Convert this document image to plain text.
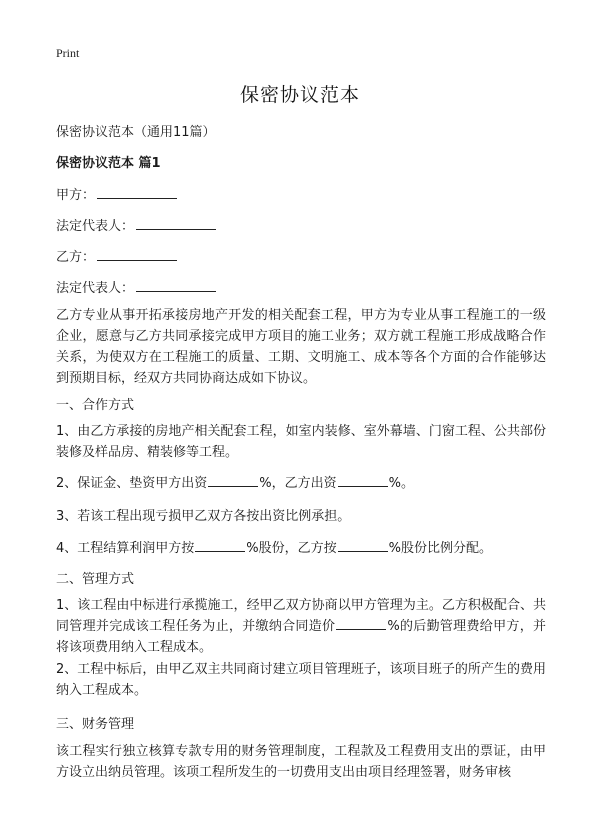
Print
保密协议范本
保密协议范本（通用11篇）
保密协议范本 篇1
甲方：
法定代表人：
乙方：
法定代表人：
乙方专业从事开拓承接房地产开发的相关配套工程，甲方为专业从事工程施工的一级企业，愿意与乙方共同承接完成甲方项目的施工业务；双方就工程施工形成战略合作关系，为使双方在工程施工的质量、工期、文明施工、成本等各个方面的合作能够达到预期目标，经双方共同协商达成如下协议。
一、合作方式
1、由乙方承接的房地产相关配套工程，如室内装修、室外幕墙、门窗工程、公共部份装修及样品房、精装修等工程。
2、保证金、垫资甲方出资	%，乙方出资	%。
3、若该工程出现亏损甲乙双方各按出资比例承担。
4、工程结算利润甲方按	%股份，乙方按	%股份比例分配。
二、管理方式
1、该工程由中标进行承揽施工，经甲乙双方协商以甲方管理为主。乙方积极配合、共同管理并完成该工程任务为止，并缴纳合同造价	%的后勤管理费给甲方，并将该项费用纳入工程成本。
2、工程中标后，由甲乙双主共同商讨建立项目管理班子，该项目班子的所产生的费用纳入工程成本。
三、财务管理
该工程实行独立核算专款专用的财务管理制度，工程款及工程费用支出的票证，由甲方设立出纳员管理。该项工程所发生的一切费用支出由项目经理签署，财务审核
